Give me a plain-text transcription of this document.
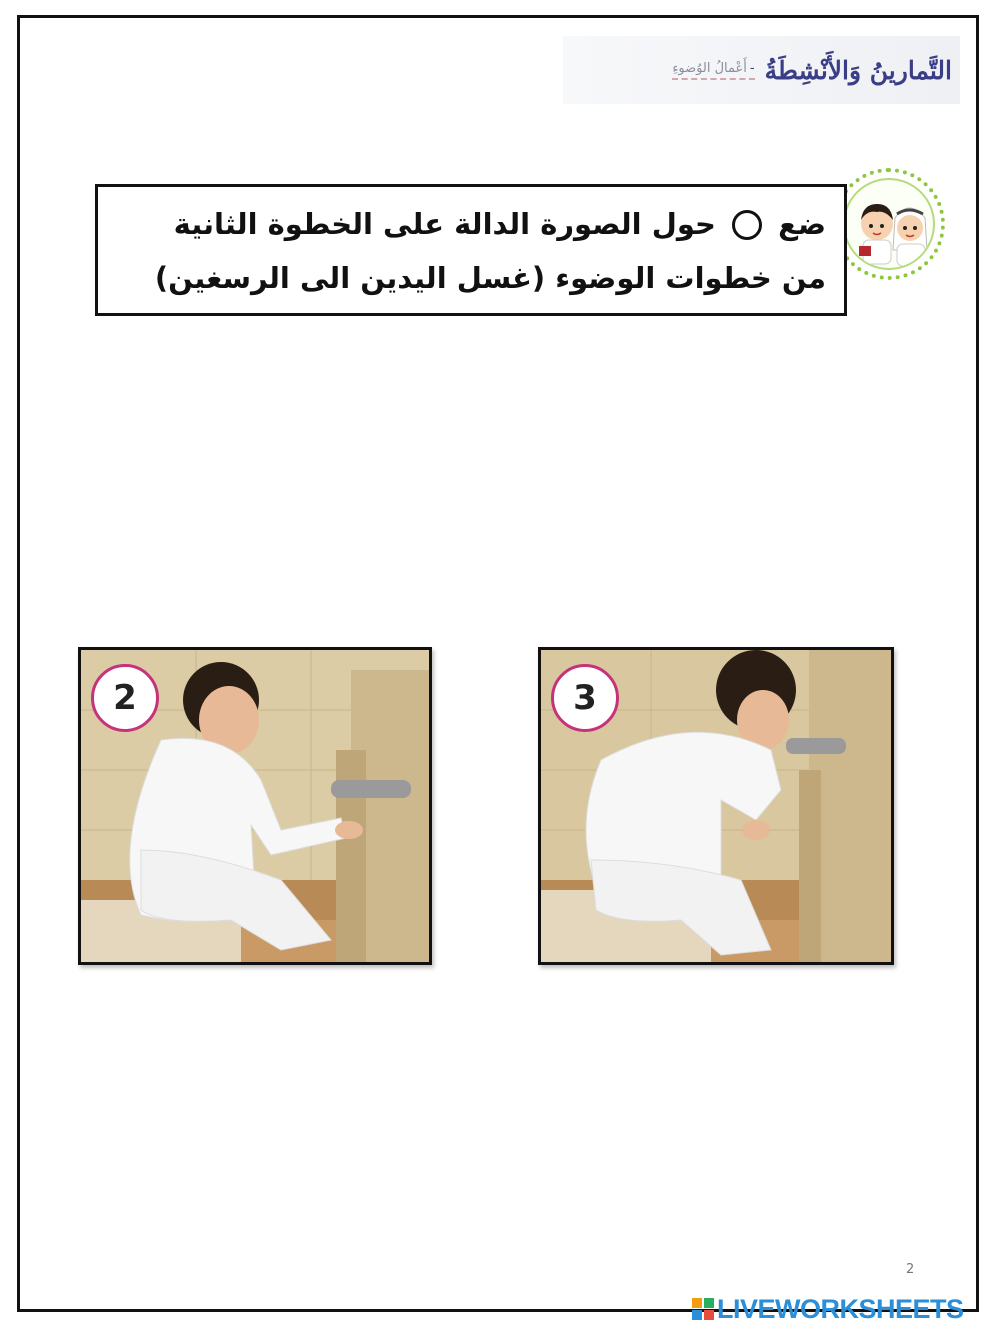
التَّمارينُ وَالأَنْشِطَةُ
-أَعْمالُ الوُضوءِ
ضع  حول الصورة الدالة على الخطوة الثانية
من خطوات الوضوء (غسل اليدين الى الرسغين)
2	3
2
LIVEWORKSHEETS
